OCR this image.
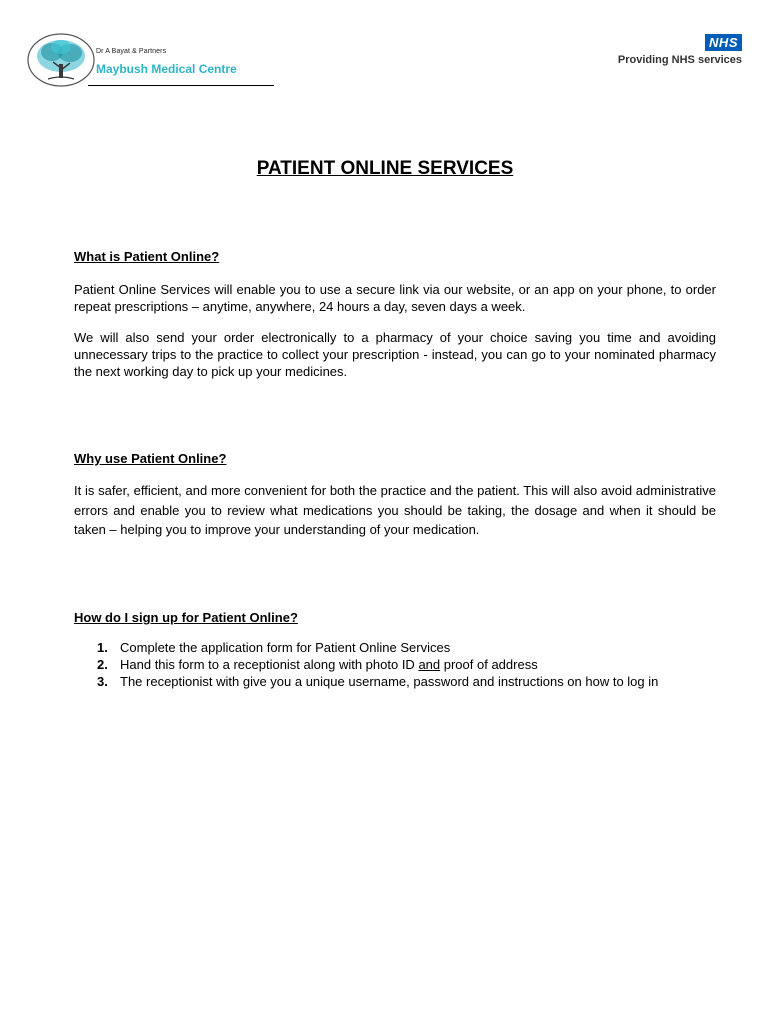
Dr A Bayat & Partners
Maybush Medical Centre
NHS
Providing NHS services
PATIENT ONLINE SERVICES

What is Patient Online?

Patient Online Services will enable you to use a secure link via our website, or an app on your phone, to order repeat prescriptions – anytime, anywhere, 24 hours a day, seven days a week.

We will also send your order electronically to a pharmacy of your choice saving you time and avoiding unnecessary trips to the practice to collect your prescription - instead, you can go to your nominated pharmacy the next working day to pick up your medicines.

Why use Patient Online?

It is safer, efficient, and more convenient for both the practice and the patient. This will also avoid administrative errors and enable you to review what medications you should be taking, the dosage and when it should be taken – helping you to improve your understanding of your medication.

How do I sign up for Patient Online?

1. Complete the application form for Patient Online Services
2. Hand this form to a receptionist along with photo ID and proof of address
3. The receptionist with give you a unique username, password and instructions on how to log in
